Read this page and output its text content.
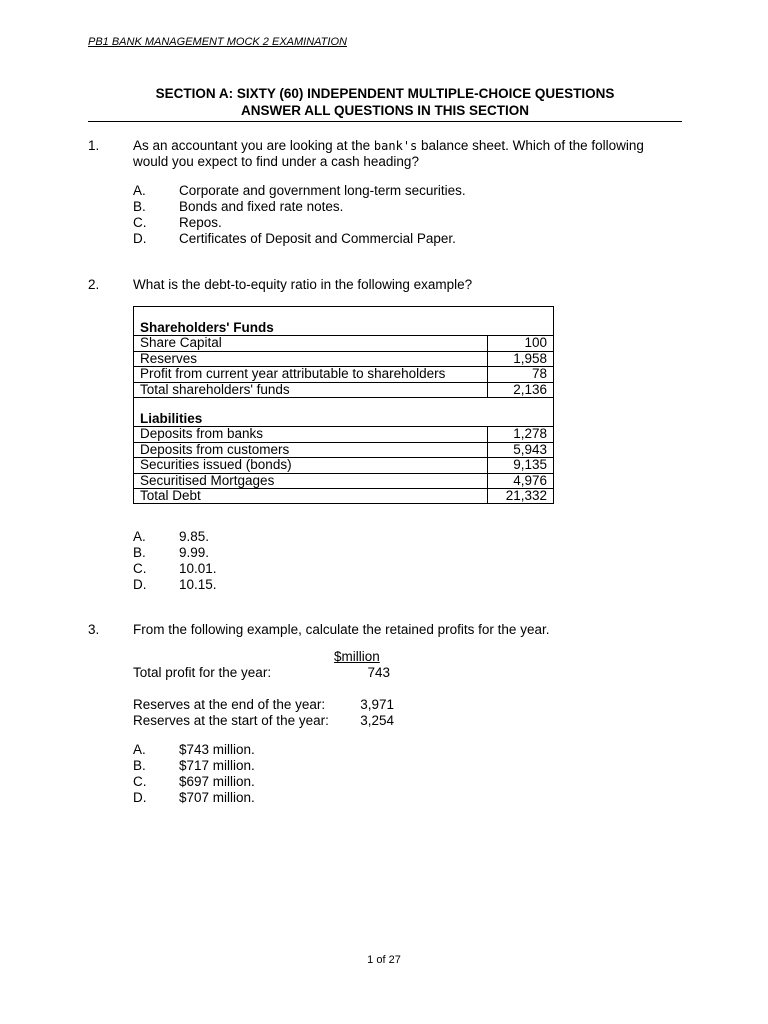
PB1 BANK MANAGEMENT MOCK 2 EXAMINATION
SECTION A: SIXTY (60) INDEPENDENT MULTIPLE-CHOICE QUESTIONS
ANSWER ALL QUESTIONS IN THIS SECTION
1. As an accountant you are looking at the bank's balance sheet. Which of the following
would you expect to find under a cash heading?
A. Corporate and government long-term securities.
B. Bonds and fixed rate notes.
C. Repos.
D. Certificates of Deposit and Commercial Paper.
2. What is the debt-to-equity ratio in the following example?

Shareholders' Funds	
Share Capital	100
Reserves	1,958
Profit from current year attributable to shareholders	78
Total shareholders' funds	2,136

Liabilities	
Deposits from banks	1,278
Deposits from customers	5,943
Securities issued (bonds)	9,135
Securitised Mortgages	4,976
Total Debt	21,332
A. 9.85.
B. 9.99.
C. 10.01.
D. 10.15.
3. From the following example, calculate the retained profits for the year.
$million
Total profit for the year:	743
Reserves at the end of the year:	3,971
Reserves at the start of the year:	3,254
A. $743 million.
B. $717 million.
C. $697 million.
D. $707 million.
1 of 27
